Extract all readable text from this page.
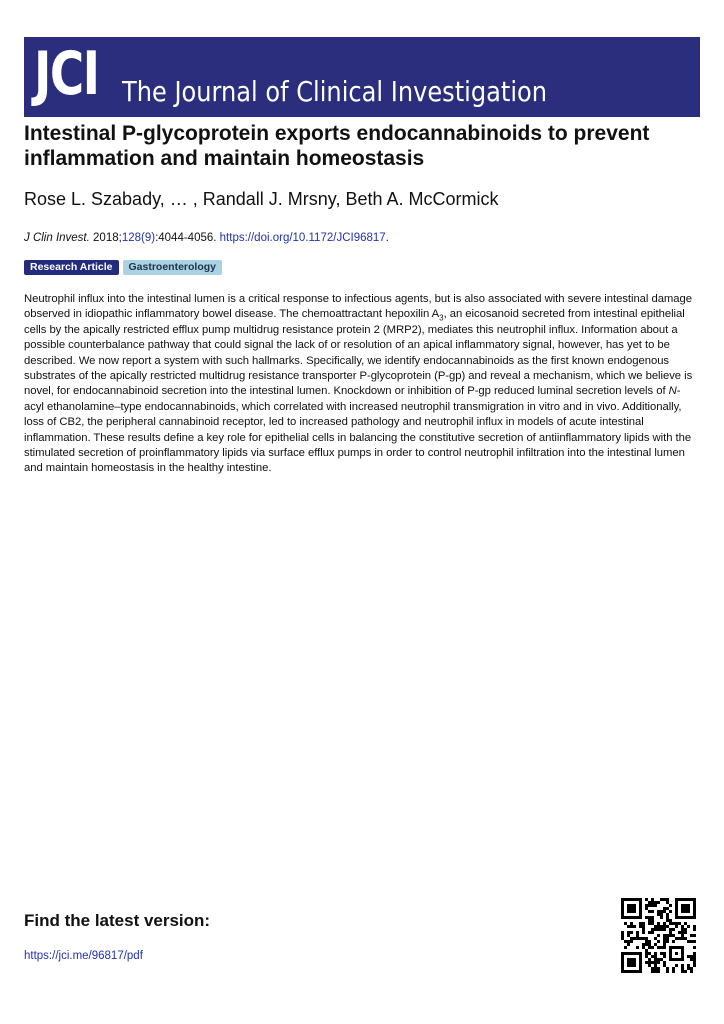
JCI The Journal of Clinical Investigation
Intestinal P-glycoprotein exports endocannabinoids to prevent inflammation and maintain homeostasis
Rose L. Szabady, … , Randall J. Mrsny, Beth A. McCormick
J Clin Invest. 2018;128(9):4044-4056. https://doi.org/10.1172/JCI96817.
Research Article	Gastroenterology
Neutrophil influx into the intestinal lumen is a critical response to infectious agents, but is also associated with severe intestinal damage observed in idiopathic inflammatory bowel disease. The chemoattractant hepoxilin $A_3$, an eicosanoid secreted from intestinal epithelial cells by the apically restricted efflux pump multidrug resistance protein 2 (MRP2), mediates this neutrophil influx. Information about a possible counterbalance pathway that could signal the lack of or resolution of an apical inflammatory signal, however, has yet to be described. We now report a system with such hallmarks. Specifically, we identify endocannabinoids as the first known endogenous substrates of the apically restricted multidrug resistance transporter P-glycoprotein (P-gp) and reveal a mechanism, which we believe is novel, for endocannabinoid secretion into the intestinal lumen. Knockdown or inhibition of P-gp reduced luminal secretion levels of N-acyl ethanolamine–type endocannabinoids, which correlated with increased neutrophil transmigration in vitro and in vivo. Additionally, loss of CB2, the peripheral cannabinoid receptor, led to increased pathology and neutrophil influx in models of acute intestinal inflammation. These results define a key role for epithelial cells in balancing the constitutive secretion of antiinflammatory lipids with the stimulated secretion of proinflammatory lipids via surface efflux pumps in order to control neutrophil infiltration into the intestinal lumen and maintain homeostasis in the healthy intestine.
Find the latest version:
https://jci.me/96817/pdf
